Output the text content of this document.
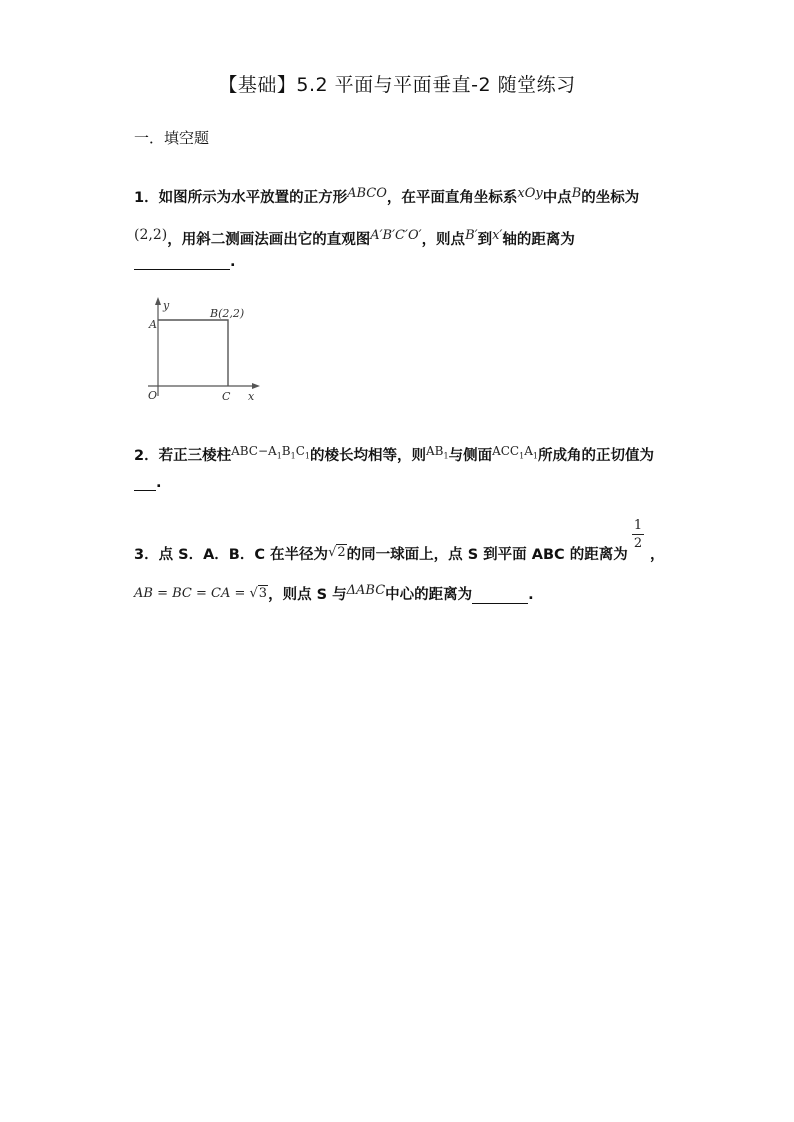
【基础】5.2 平面与平面垂直-2 随堂练习
一．填空题
1．如图所示为水平放置的正方形ABCO，在平面直角坐标系xOy中点B的坐标为
(2,2)，用斜二测画法画出它的直观图A′B′C′O′，则点B′到x′轴的距离为
.
y
x
A
B(2,2)
O	C
2．若正三棱柱$^{ABC-A_1B_1C_1}$的棱长均相等，则$^{AB_1}$与侧面$^{ACC_1A_1}$所成角的正切值为
.
3．点 S．A．B．C 在半径为√2的同一球面上，点 S 到平面 ABC 的距离为
1
2
，
AB = BC = CA = √3，则点 S 与ΔABC中心的距离为	.
